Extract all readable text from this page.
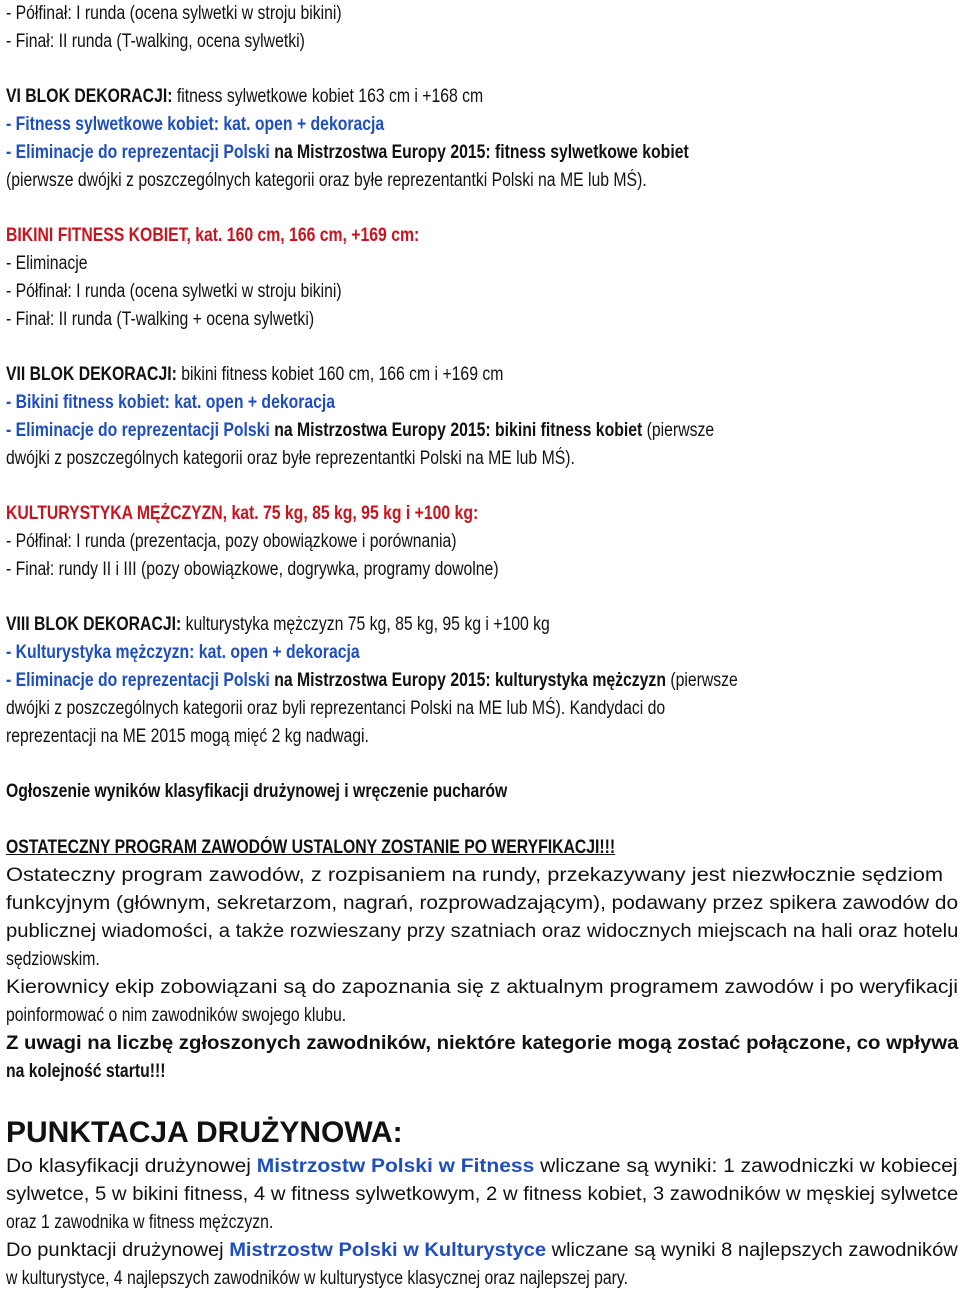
- Półfinał: I runda (ocena sylwetki w stroju bikini)
- Finał: II runda (T-walking, ocena sylwetki)
VI BLOK DEKORACJI: fitness sylwetkowe kobiet 163 cm i +168 cm
- Fitness sylwetkowe kobiet: kat. open + dekoracja
- Eliminacje do reprezentacji Polski na Mistrzostwa Europy 2015: fitness sylwetkowe kobiet
(pierwsze dwójki z poszczególnych kategorii oraz byłe reprezentantki Polski na ME lub MŚ).
BIKINI FITNESS KOBIET, kat. 160 cm, 166 cm, +169 cm:
- Eliminacje
- Półfinał: I runda (ocena sylwetki w stroju bikini)
- Finał: II runda (T-walking + ocena sylwetki)
VII BLOK DEKORACJI: bikini fitness kobiet 160 cm, 166 cm i +169 cm
- Bikini fitness kobiet: kat. open + dekoracja
- Eliminacje do reprezentacji Polski na Mistrzostwa Europy 2015: bikini fitness kobiet (pierwsze
dwójki z poszczególnych kategorii oraz byłe reprezentantki Polski na ME lub MŚ).
KULTURYSTYKA MĘŻCZYZN, kat. 75 kg, 85 kg, 95 kg i +100 kg:
- Półfinał: I runda (prezentacja, pozy obowiązkowe i porównania)
- Finał: rundy II i III (pozy obowiązkowe, dogrywka, programy dowolne)
VIII BLOK DEKORACJI: kulturystyka mężczyzn 75 kg, 85 kg, 95 kg i +100 kg
- Kulturystyka mężczyzn: kat. open + dekoracja
- Eliminacje do reprezentacji Polski na Mistrzostwa Europy 2015: kulturystyka mężczyzn (pierwsze
dwójki z poszczególnych kategorii oraz byli reprezentanci Polski na ME lub MŚ). Kandydaci do
reprezentacji na ME 2015 mogą mięć 2 kg nadwagi.
Ogłoszenie wyników klasyfikacji drużynowej i wręczenie pucharów
OSTATECZNY PROGRAM ZAWODÓW USTALONY ZOSTANIE PO WERYFIKACJI!!!
Ostateczny program zawodów, z rozpisaniem na rundy, przekazywany jest niezwłocznie sędziom
funkcyjnym (głównym, sekretarzom, nagrań, rozprowadzającym), podawany przez spikera zawodów do
publicznej wiadomości, a także rozwieszany przy szatniach oraz widocznych miejscach na hali oraz hotelu
sędziowskim.
Kierownicy ekip zobowiązani są do zapoznania się z aktualnym programem zawodów i po weryfikacji
poinformować o nim zawodników swojego klubu.
Z uwagi na liczbę zgłoszonych zawodników, niektóre kategorie mogą zostać połączone, co wpływa
na kolejność startu!!!
PUNKTACJA DRUŻYNOWA:
Do klasyfikacji drużynowej Mistrzostw Polski w Fitness wliczane są wyniki: 1 zawodniczki w kobiecej
sylwetce, 5 w bikini fitness, 4 w fitness sylwetkowym, 2 w fitness kobiet, 3 zawodników w męskiej sylwetce
oraz 1 zawodnika w fitness mężczyzn.
Do punktacji drużynowej Mistrzostw Polski w Kulturystyce wliczane są wyniki 8 najlepszych zawodników
w kulturystyce, 4 najlepszych zawodników w kulturystyce klasycznej oraz najlepszej pary.
